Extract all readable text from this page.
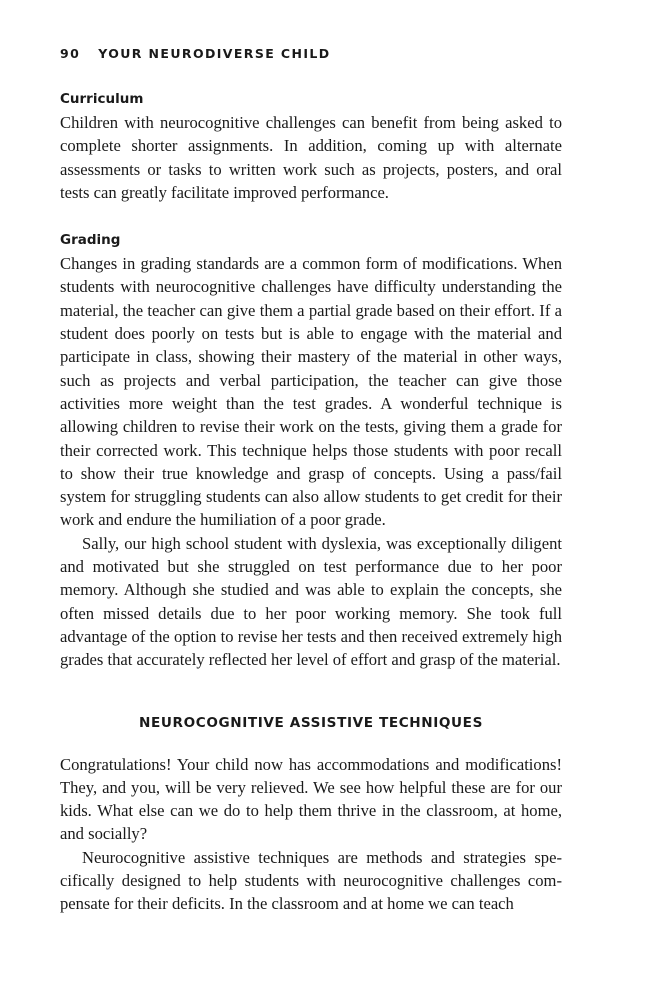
90 YOUR NEURODIVERSE CHILD
Curriculum

Children with neurocognitive challenges can benefit from being asked to complete shorter assignments. In addition, coming up with alternate assessments or tasks to written work such as projects, posters, and oral tests can greatly facilitate improved performance.

Grading

Changes in grading standards are a common form of modifications. When students with neurocognitive challenges have difficulty understanding the material, the teacher can give them a partial grade based on their effort. If a student does poorly on tests but is able to engage with the material and participate in class, showing their mastery of the material in other ways, such as projects and verbal participation, the teacher can give those activities more weight than the test grades. A wonderful technique is allowing children to revise their work on the tests, giving them a grade for their corrected work. This technique helps those students with poor recall to show their true knowledge and grasp of concepts. Using a pass/​fail system for struggling students can also allow students to get credit for their work and endure the humiliation of a poor grade.

Sally, our high school student with dyslexia, was exceptionally diligent and motivated but she struggled on test performance due to her poor memory. Although she studied and was able to explain the concepts, she often missed details due to her poor working memory. She took full advantage of the option to revise her tests and then received extremely high grades that accurately reflected her level of effort and grasp of the material.

NEUROCOGNITIVE ASSISTIVE TECHNIQUES

Congratulations! Your child now has accommodations and modifications! They, and you, will be very relieved. We see how helpful these are for our kids. What else can we do to help them thrive in the classroom, at home, and socially?

Neurocognitive assistive techniques are methods and strategies specifically designed to help students with neurocognitive challenges compensate for their deficits. In the classroom and at home we can teach
